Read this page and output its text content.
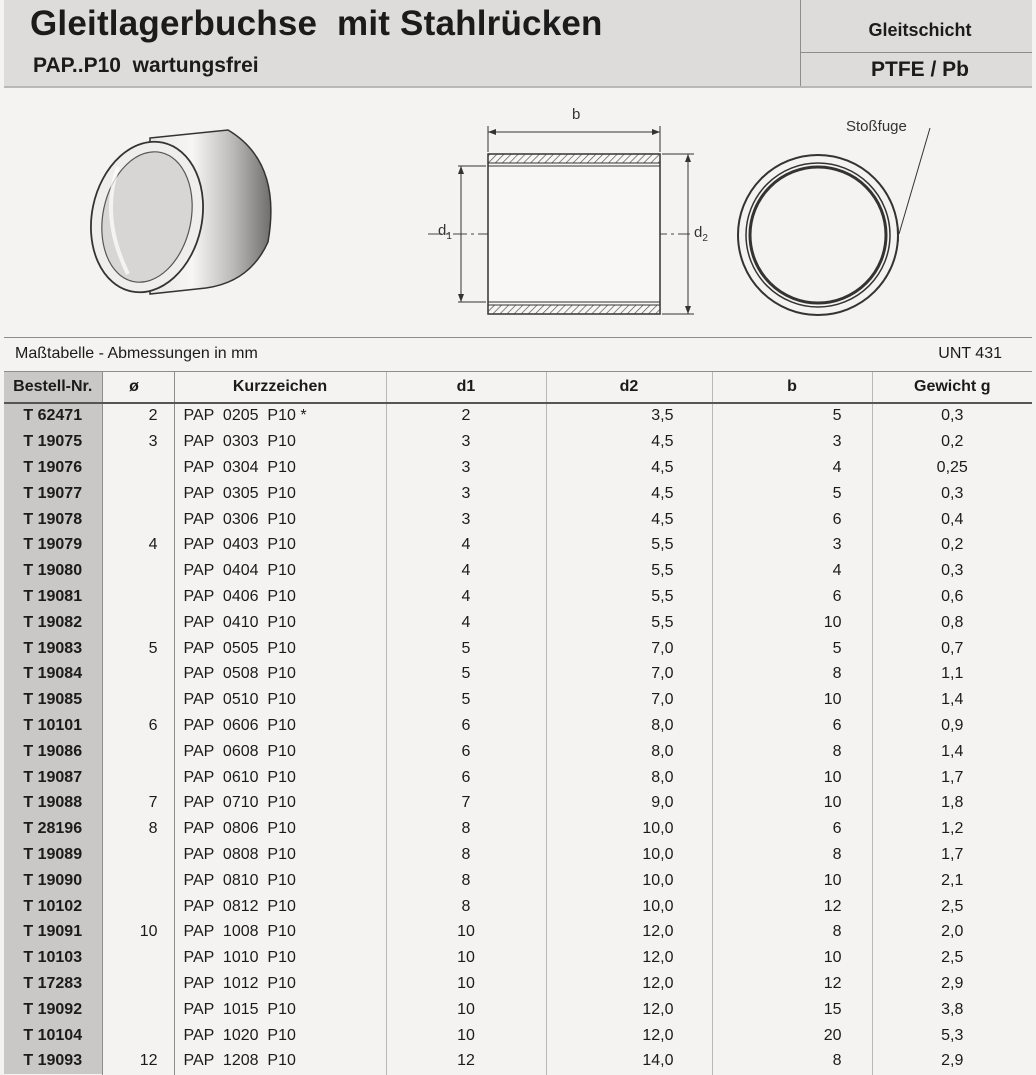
Gleitlagerbuchse  mit Stahlrücken
PAP..P10  wartungsfrei
Gleitschicht
PTFE / Pb
b
$d_1$	$d_2$
Stoßfuge
Maßtabelle - Abmessungen in mm	UNT 431
Bestell-Nr.	ø	Kurzzeichen	d1	d2	b	Gewicht g
T 62471	2	PAP  0205  P10 *	2	3,5	5	0,3
T 19075	3	PAP  0303  P10	3	4,5	3	0,2
T 19076		PAP  0304  P10	3	4,5	4	0,25
T 19077		PAP  0305  P10	3	4,5	5	0,3
T 19078		PAP  0306  P10	3	4,5	6	0,4
T 19079	4	PAP  0403  P10	4	5,5	3	0,2
T 19080		PAP  0404  P10	4	5,5	4	0,3
T 19081		PAP  0406  P10	4	5,5	6	0,6
T 19082		PAP  0410  P10	4	5,5	10	0,8
T 19083	5	PAP  0505  P10	5	7,0	5	0,7
T 19084		PAP  0508  P10	5	7,0	8	1,1
T 19085		PAP  0510  P10	5	7,0	10	1,4
T 10101	6	PAP  0606  P10	6	8,0	6	0,9
T 19086		PAP  0608  P10	6	8,0	8	1,4
T 19087		PAP  0610  P10	6	8,0	10	1,7
T 19088	7	PAP  0710  P10	7	9,0	10	1,8
T 28196	8	PAP  0806  P10	8	10,0	6	1,2
T 19089		PAP  0808  P10	8	10,0	8	1,7
T 19090		PAP  0810  P10	8	10,0	10	2,1
T 10102		PAP  0812  P10	8	10,0	12	2,5
T 19091	10	PAP  1008  P10	10	12,0	8	2,0
T 10103		PAP  1010  P10	10	12,0	10	2,5
T 17283		PAP  1012  P10	10	12,0	12	2,9
T 19092		PAP  1015  P10	10	12,0	15	3,8
T 10104		PAP  1020  P10	10	12,0	20	5,3
T 19093	12	PAP  1208  P10	12	14,0	8	2,9
